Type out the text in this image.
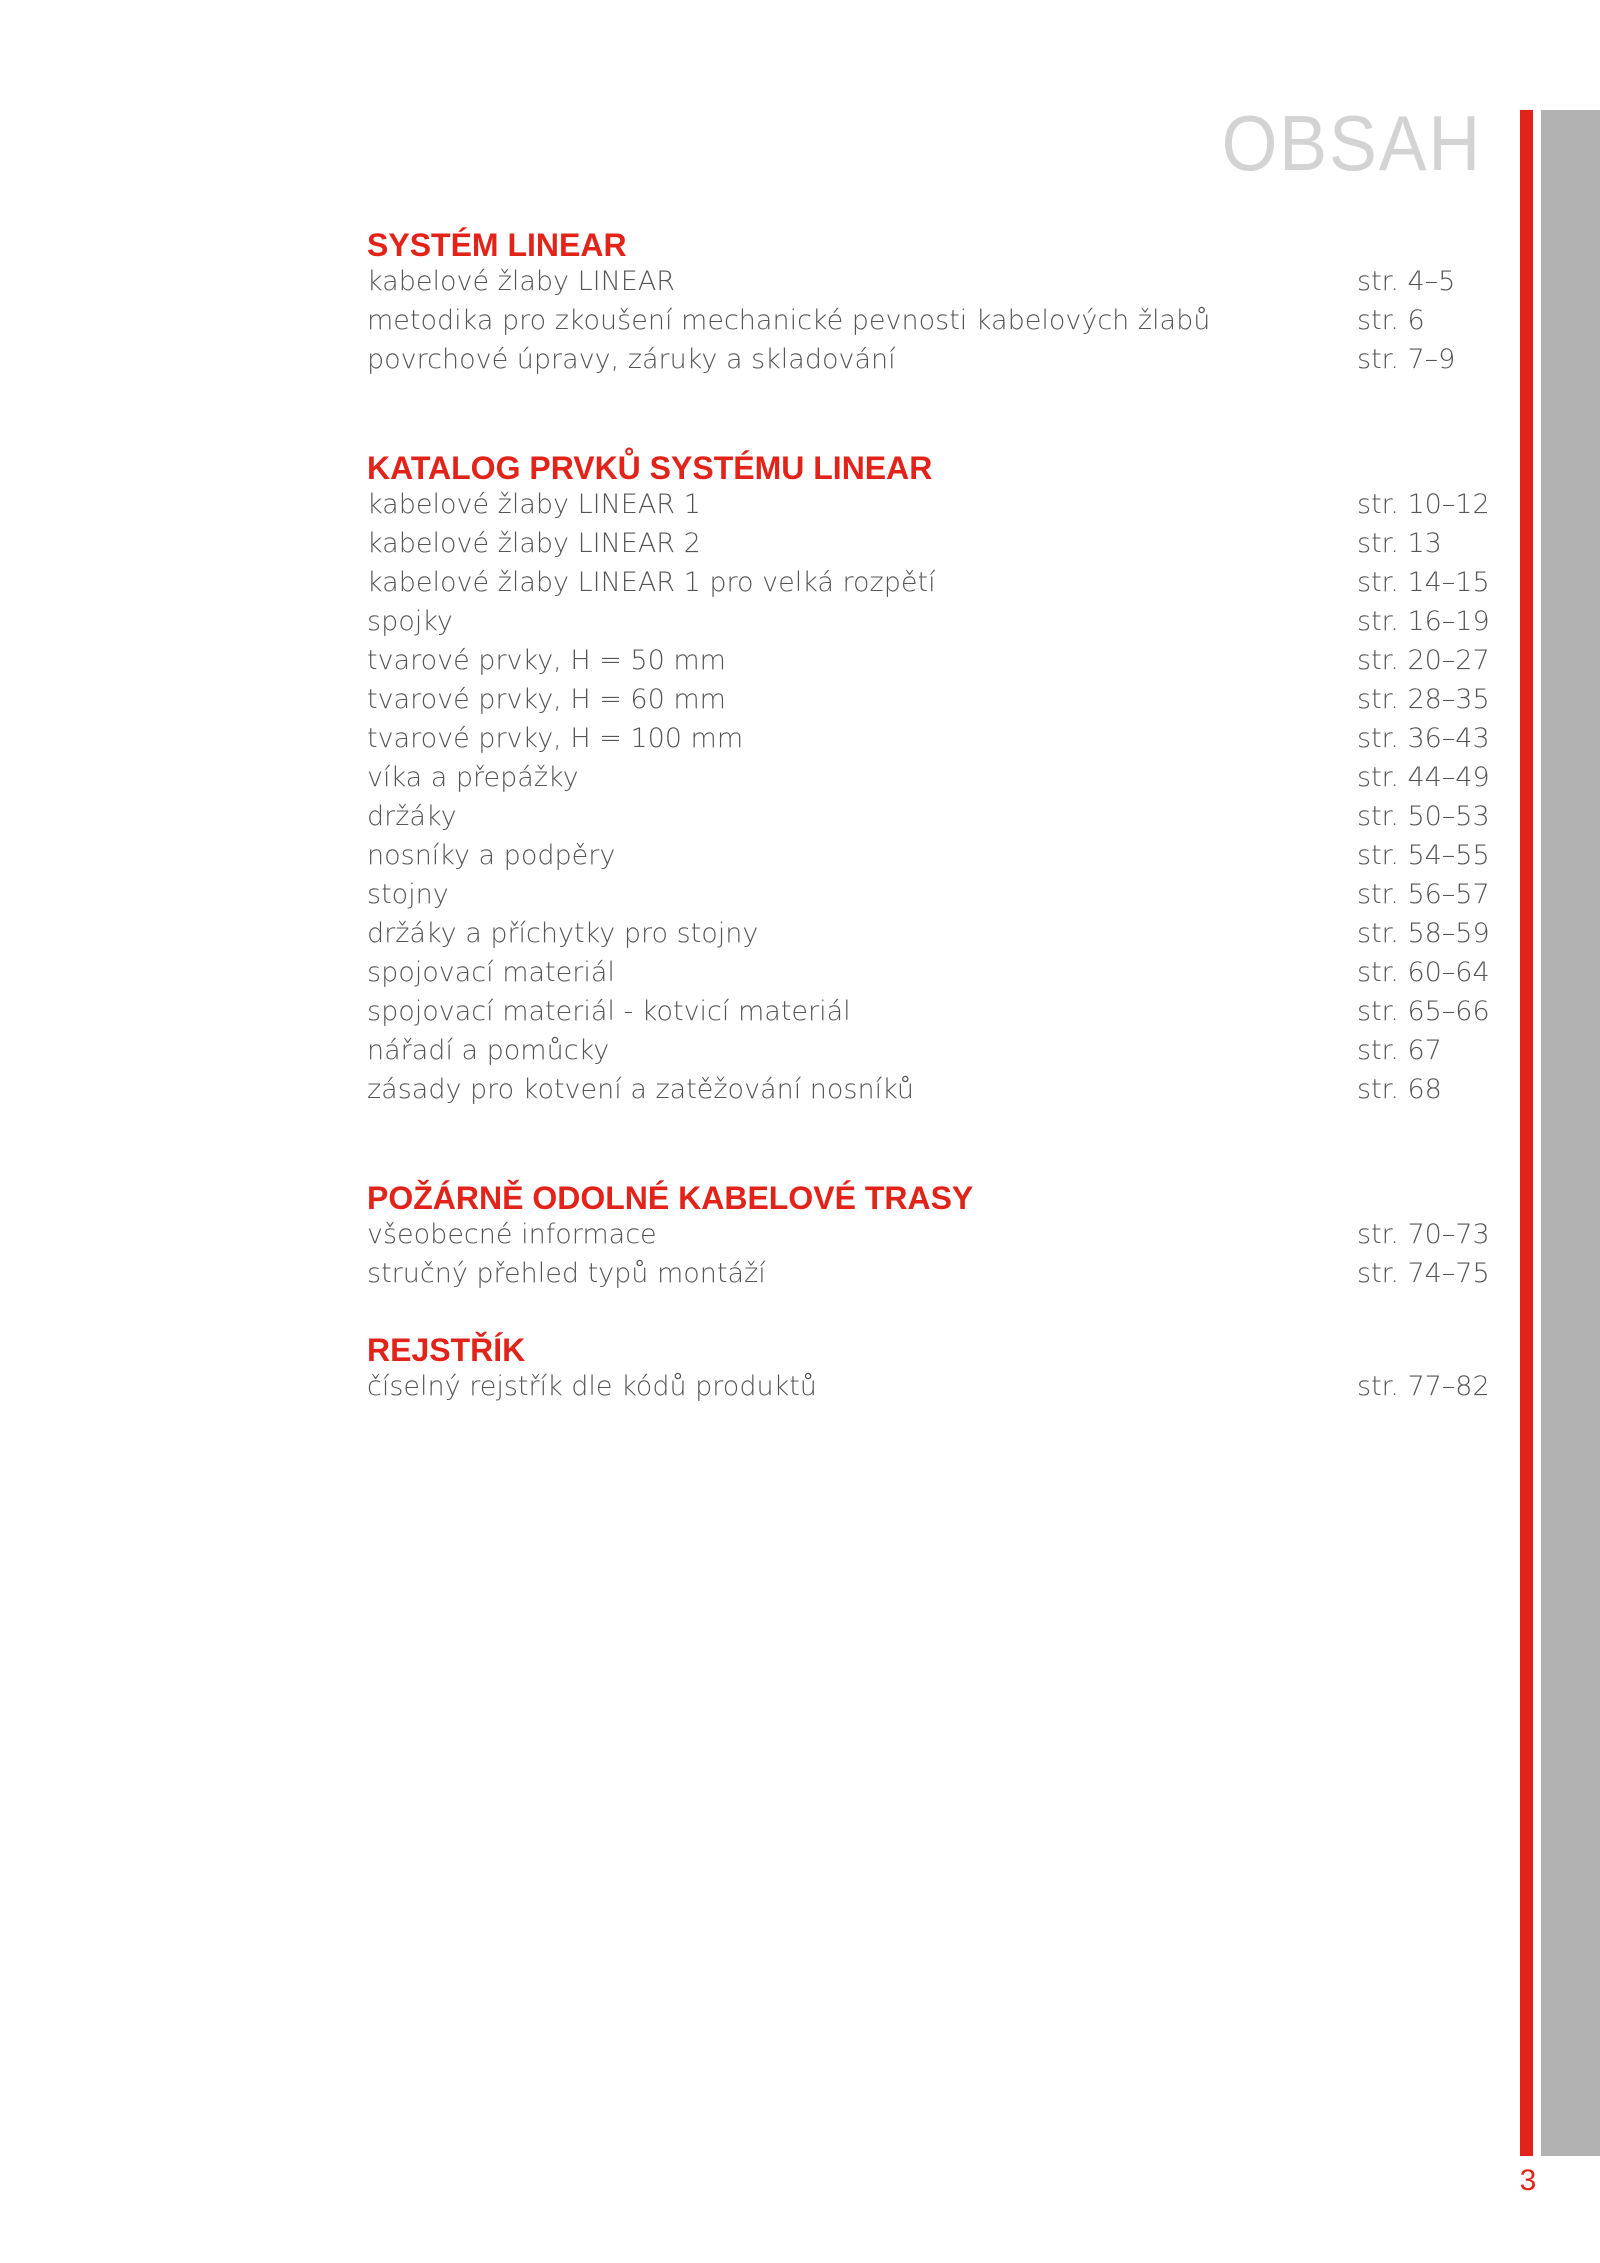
OBSAH
SYSTÉM LINEAR
kabelové žlaby LINEAR	str. 4–5
metodika pro zkoušení mechanické pevnosti kabelových žlabů	str. 6
povrchové úpravy, záruky a skladování	str. 7–9
KATALOG PRVKŮ SYSTÉMU LINEAR
kabelové žlaby LINEAR 1	str. 10–12
kabelové žlaby LINEAR 2	str. 13
kabelové žlaby LINEAR 1 pro velká rozpětí	str. 14–15
spojky	str. 16–19
tvarové prvky, H = 50 mm	str. 20–27
tvarové prvky, H = 60 mm	str. 28–35
tvarové prvky, H = 100 mm	str. 36–43
víka a přepážky	str. 44–49
držáky	str. 50–53
nosníky a podpěry	str. 54–55
stojny	str. 56–57
držáky a příchytky pro stojny	str. 58–59
spojovací materiál	str. 60–64
spojovací materiál - kotvicí materiál	str. 65–66
nářadí a pomůcky	str. 67
zásady pro kotvení a zatěžování nosníků	str. 68
POŽÁRNĚ ODOLNÉ KABELOVÉ TRASY
všeobecné informace	str. 70–73
stručný přehled typů montáží	str. 74–75
REJSTŘÍK
číselný rejstřík dle kódů produktů	str. 77–82
3
